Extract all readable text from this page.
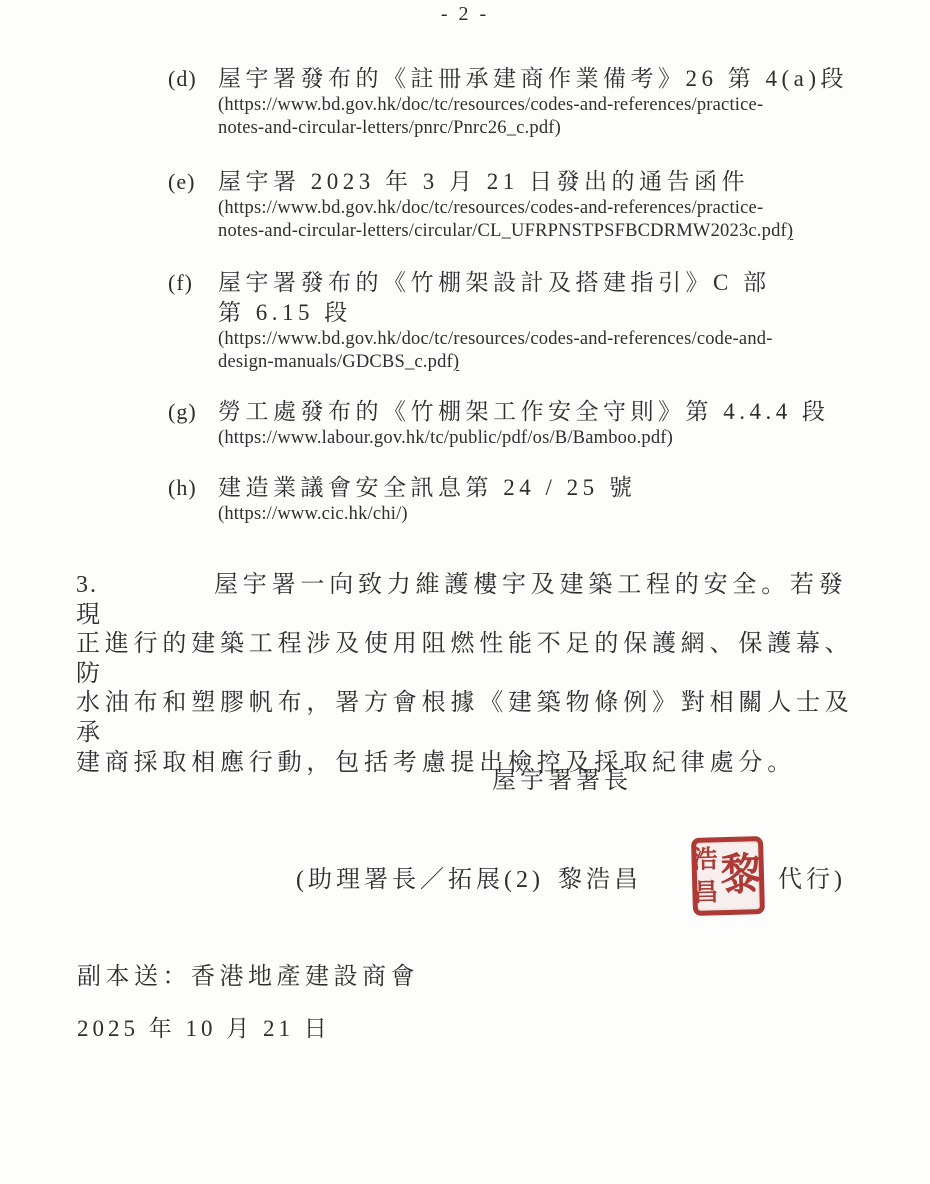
- 2 -
(d) 屋宇署發布的《註冊承建商作業備考》26 第 4(a)段
(https://www.bd.gov.hk/doc/tc/resources/codes-and-references/practice-
notes-and-circular-letters/pnrc/Pnrc26_c.pdf)
(e) 屋宇署 2023 年 3 月 21 日發出的通告函件
(https://www.bd.gov.hk/doc/tc/resources/codes-and-references/practice-
notes-and-circular-letters/circular/CL_UFRPNSTPSFBCDRMW2023c.pdf)
(f) 屋宇署發布的《竹棚架設計及搭建指引》C 部
第 6.15 段
(https://www.bd.gov.hk/doc/tc/resources/codes-and-references/code-and-
design-manuals/GDCBS_c.pdf)
(g) 勞工處發布的《竹棚架工作安全守則》第 4.4.4 段
(https://www.labour.gov.hk/tc/public/pdf/os/B/Bamboo.pdf)
(h) 建造業議會安全訊息第 24 / 25 號
(https://www.cic.hk/chi/)
3.	屋宇署一向致力維護樓宇及建築工程的安全。若發現
正進行的建築工程涉及使用阻燃性能不足的保護網、保護幕、防
水油布和塑膠帆布，署方會根據《建築物條例》對相關人士及承
建商採取相應行動，包括考慮提出檢控及採取紀律處分。
屋宇署署長
(助理署長／拓展(2) 黎浩昌
浩
昌 黎 代行)
副本送：香港地產建設商會
2025 年 10 月 21 日
